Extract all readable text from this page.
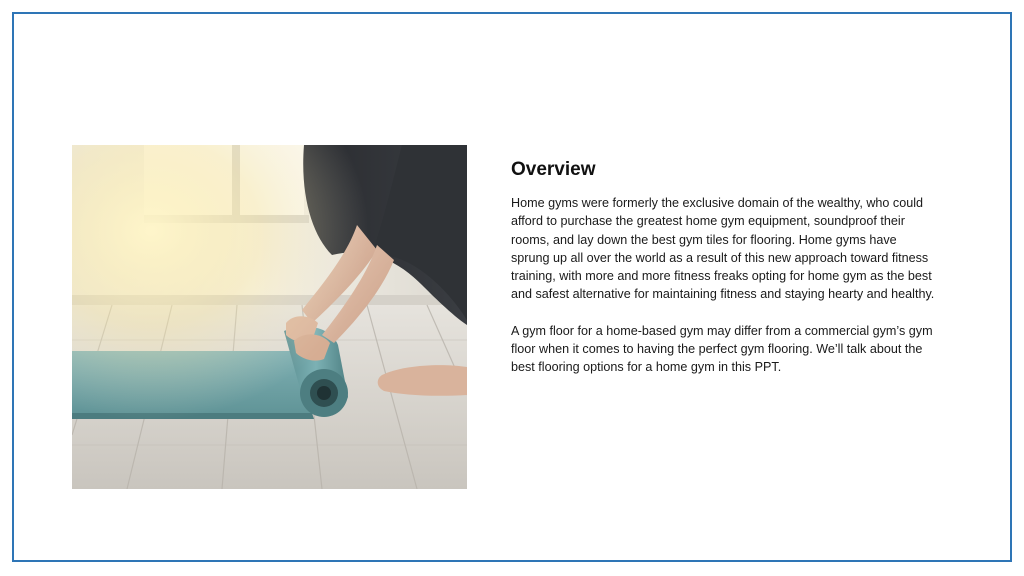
Overview

Home gyms were formerly the exclusive domain of the wealthy, who could afford to purchase the greatest home gym equipment, soundproof their rooms, and lay down the best gym tiles for flooring. Home gyms have sprung up all over the world as a result of this new approach toward fitness training, with more and more fitness freaks opting for home gym as the best and safest alternative for maintaining fitness and staying hearty and healthy.

A gym floor for a home-based gym may differ from a commercial gym’s gym floor when it comes to having the perfect gym flooring. We’ll talk about the best flooring options for a home gym in this PPT.
